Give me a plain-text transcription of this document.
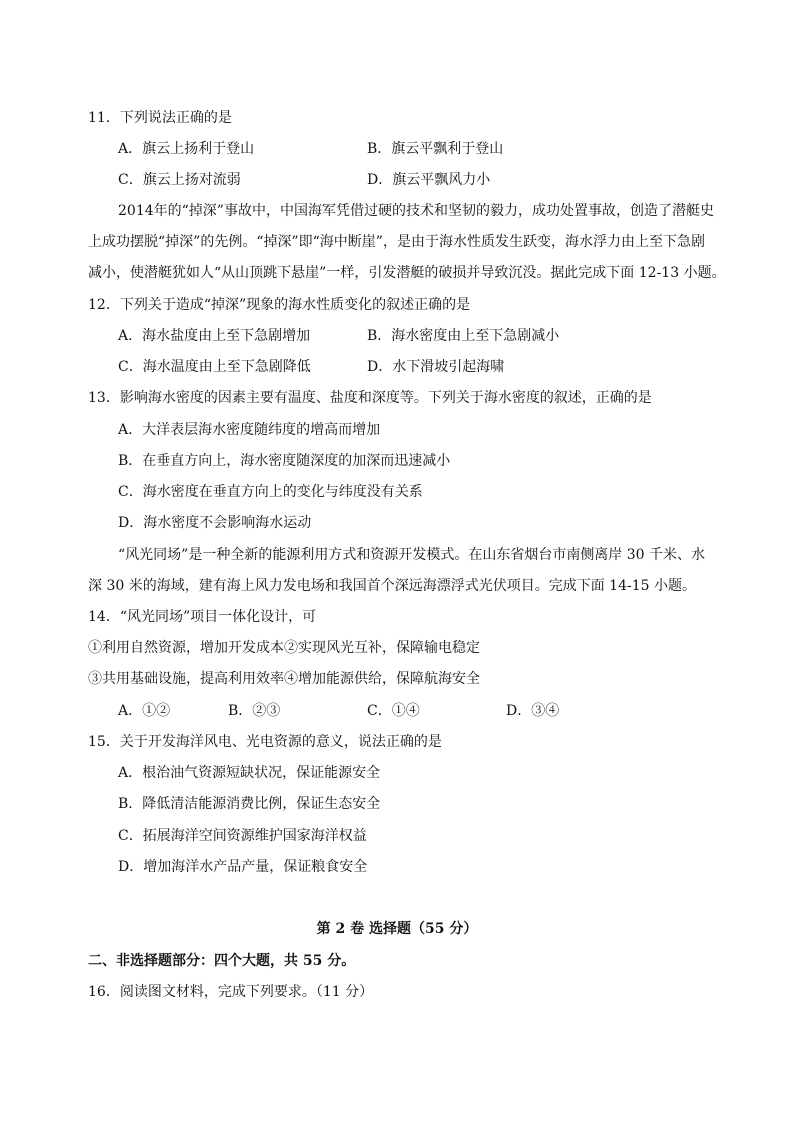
11．下列说法正确的是
A．旗云上扬利于登山	B．旗云平飘利于登山
C．旗云上扬对流弱	D．旗云平飘风力小
2014年的“掉深”事故中，中国海军凭借过硬的技术和坚韧的毅力，成功处置事故，创造了潜艇史
上成功摆脱“掉深”的先例。“掉深”即“海中断崖”，是由于海水性质发生跃变，海水浮力由上至下急剧
减小，使潜艇犹如人“从山顶跳下悬崖”一样，引发潜艇的破损并导致沉没。据此完成下面 12-13 小题。
12．下列关于造成“掉深”现象的海水性质变化的叙述正确的是
A．海水盐度由上至下急剧增加	B．海水密度由上至下急剧减小
C．海水温度由上至下急剧降低	D．水下滑坡引起海啸
13．影响海水密度的因素主要有温度、盐度和深度等。下列关于海水密度的叙述，正确的是
A．大洋表层海水密度随纬度的增高而增加
B．在垂直方向上，海水密度随深度的加深而迅速减小
C．海水密度在垂直方向上的变化与纬度没有关系
D．海水密度不会影响海水运动
“风光同场”是一种全新的能源利用方式和资源开发模式。在山东省烟台市南侧离岸 30 千米、水
深 30 米的海域，建有海上风力发电场和我国首个深远海漂浮式光伏项目。完成下面 14-15 小题。
14．“风光同场”项目一体化设计，可
①利用自然资源，增加开发成本②实现风光互补，保障输电稳定
③共用基础设施，提高利用效率④增加能源供给，保障航海安全
A．①②	B．②③	C．①④	D．③④
15．关于开发海洋风电、光电资源的意义，说法正确的是
A．根治油气资源短缺状况，保证能源安全
B．降低清洁能源消费比例，保证生态安全
C．拓展海洋空间资源维护国家海洋权益
D．增加海洋水产品产量，保证粮食安全
第 2 卷 选择题（55 分）
二、非选择题部分：四个大题，共 55 分。
16．阅读图文材料，完成下列要求。（11 分）
